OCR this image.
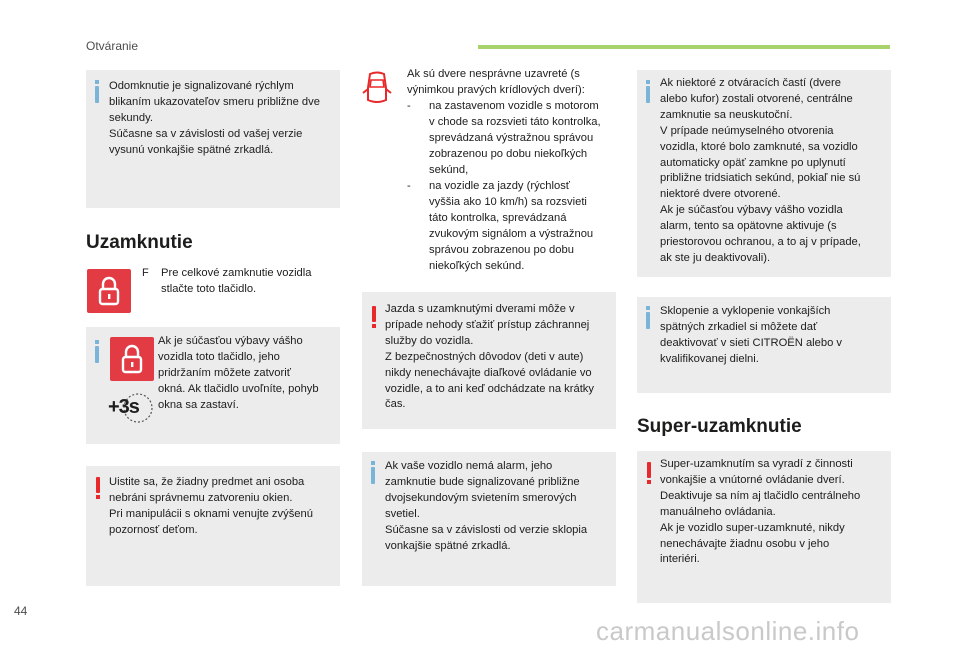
Otváranie
Odomknutie je signalizované rýchlym
blikaním ukazovateľov smeru približne dve
sekundy.
Súčasne sa v závislosti od vašej verzie
vysunú vonkajšie spätné zrkadlá.
Uzamknutie
F Pre celkové zamknutie vozidla
stlačte toto tlačidlo.
+3s
Ak je súčasťou výbavy vášho
vozidla toto tlačidlo, jeho
pridržaním môžete zatvoriť
okná. Ak tlačidlo uvoľníte, pohyb
okna sa zastaví.
Uistite sa, že žiadny predmet ani osoba
nebráni správnemu zatvoreniu okien.
Pri manipulácii s oknami venujte zvýšenú
pozornosť deťom.
Ak sú dvere nesprávne uzavreté (s
výnimkou pravých krídlových dverí):
- na zastavenom vozidle s motorom
v chode sa rozsvieti táto kontrolka,
sprevádzaná výstražnou správou
zobrazenou po dobu niekoľkých
sekúnd,
- na vozidle za jazdy (rýchlosť
vyššia ako 10 km/h) sa rozsvieti
táto kontrolka, sprevádzaná
zvukovým signálom a výstražnou
správou zobrazenou po dobu
niekoľkých sekúnd.
Jazda s uzamknutými dverami môže v
prípade nehody sťažiť prístup záchrannej
služby do vozidla.
Z bezpečnostných dôvodov (deti v aute)
nikdy nenechávajte diaľkové ovládanie vo
vozidle, a to ani keď odchádzate na krátky
čas.
Ak vaše vozidlo nemá alarm, jeho
zamknutie bude signalizované približne
dvojsekundovým svietením smerových
svetiel.
Súčasne sa v závislosti od verzie sklopia
vonkajšie spätné zrkadlá.
Ak niektoré z otváracích častí (dvere
alebo kufor) zostali otvorené, centrálne
zamknutie sa neuskutoční.
V prípade neúmyselného otvorenia
vozidla, ktoré bolo zamknuté, sa vozidlo
automaticky opäť zamkne po uplynutí
približne tridsiatich sekúnd, pokiaľ nie sú
niektoré dvere otvorené.
Ak je súčasťou výbavy vášho vozidla
alarm, tento sa opätovne aktivuje (s
priestorovou ochranou, a to aj v prípade,
ak ste ju deaktivovali).
Sklopenie a vyklopenie vonkajších
spätných zrkadiel si môžete dať
deaktivovať v sieti CITROËN alebo v
kvalifikovanej dielni.
Super-uzamknutie
Super-uzamknutím sa vyradí z činnosti
vonkajšie a vnútorné ovládanie dverí.
Deaktivuje sa ním aj tlačidlo centrálneho
manuálneho ovládania.
Ak je vozidlo super-uzamknuté, nikdy
nenechávajte žiadnu osobu v jeho
interiéri.
44
carmanualsonline.info
